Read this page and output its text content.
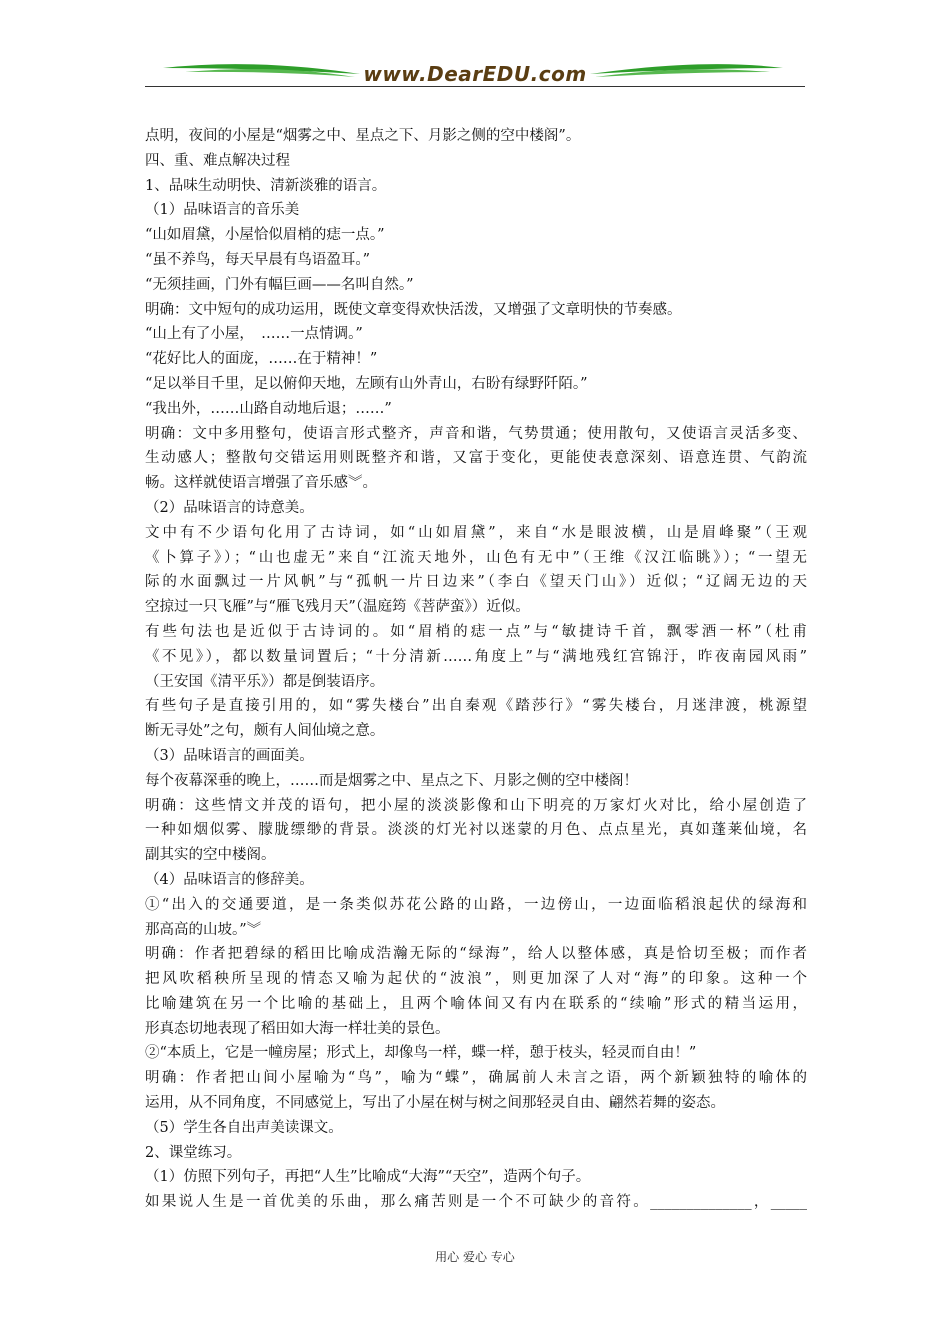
www.DearEDU.com

点明，夜间的小屋是“烟雾之中、星点之下、月影之侧的空中楼阁”。

四、重、难点解决过程

1、品味生动明快、清新淡雅的语言。

（1）品味语言的音乐美

“山如眉黛，小屋恰似眉梢的痣一点。”

“虽不养鸟，每天早晨有鸟语盈耳。”

“无须挂画，门外有幅巨画——名叫自然。”

明确：文中短句的成功运用，既使文章变得欢快活泼，又增强了文章明快的节奏感。

“山上有了小屋，　……一点情调。”

“花好比人的面庞，……在于精神！”

“足以举目千里，足以俯仰天地，左顾有山外青山，右盼有绿野阡陌。”

“我出外，……山路自动地后退；……”

明确：文中多用整句，使语言形式整齐，声音和谐，气势贯通；使用散句，又使语言灵活多变、

生动感人；整散句交错运用则既整齐和谐，又富于变化，更能使表意深刻、语意连贯、气韵流

畅。这样就使语言增强了音乐感︾。

（2）品味语言的诗意美。

文中有不少语句化用了古诗词，如“山如眉黛”，来自“水是眼波横，山是眉峰聚”（王观

《卜算子》）；“山也虚无”来自“江流天地外，山色有无中”（王维《汉江临眺》）；“一望无

际的水面飘过一片风帆”与“孤帆一片日边来”（李白《望天门山》）近似；“辽阔无边的天

空掠过一只飞雁”与“雁飞残月天”（温庭筠《菩萨蛮》）近似。

有些句法也是近似于古诗词的。如“眉梢的痣一点”与“敏捷诗千首，飘零酒一杯”（杜甫

《不见》），都以数量词置后；“十分清新……角度上”与“满地残红宫锦汙，昨夜南园风雨”

（王安国《清平乐》）都是倒装语序。

有些句子是直接引用的，如“雾失楼台”出自秦观《踏莎行》“雾失楼台，月迷津渡，桃源望

断无寻处”之句，颇有人间仙境之意。

（3）品味语言的画面美。

每个夜幕深垂的晚上，……而是烟雾之中、星点之下、月影之侧的空中楼阁！

明确：这些情文并茂的语句，把小屋的淡淡影像和山下明亮的万家灯火对比，给小屋创造了

一种如烟似雾、朦胧缥缈的背景。淡淡的灯光衬以迷蒙的月色、点点星光，真如蓬莱仙境，名

副其实的空中楼阁。

（4）品味语言的修辞美。

①“出入的交通要道，是一条类似苏花公路的山路，一边傍山，一边面临稻浪起伏的绿海和

那高高的山坡。”︾

明确：作者把碧绿的稻田比喻成浩瀚无际的“绿海”，给人以整体感，真是恰切至极；而作者

把风吹稻秧所呈现的情态又喻为起伏的“波浪”，则更加深了人对“海”的印象。这种一个

比喻建筑在另一个比喻的基础上，且两个喻体间又有内在联系的“续喻”形式的精当运用，

形真态切地表现了稻田如大海一样壮美的景色。

②“本质上，它是一幢房屋；形式上，却像鸟一样，蝶一样，憩于枝头，轻灵而自由！”

明确：作者把山间小屋喻为“鸟”，喻为“蝶”，确属前人未言之语，两个新颖独特的喻体的

运用，从不同角度，不同感觉上，写出了小屋在树与树之间那轻灵自由、翩然若舞的姿态。

（5）学生各自出声美读课文。

2、课堂练习。

（1）仿照下列句子，再把“人生”比喻成“大海”“天空”，造两个句子。

如果说人生是一首优美的乐曲，那么痛苦则是一个不可缺少的音符。______________，_____

用心 爱心 专心
